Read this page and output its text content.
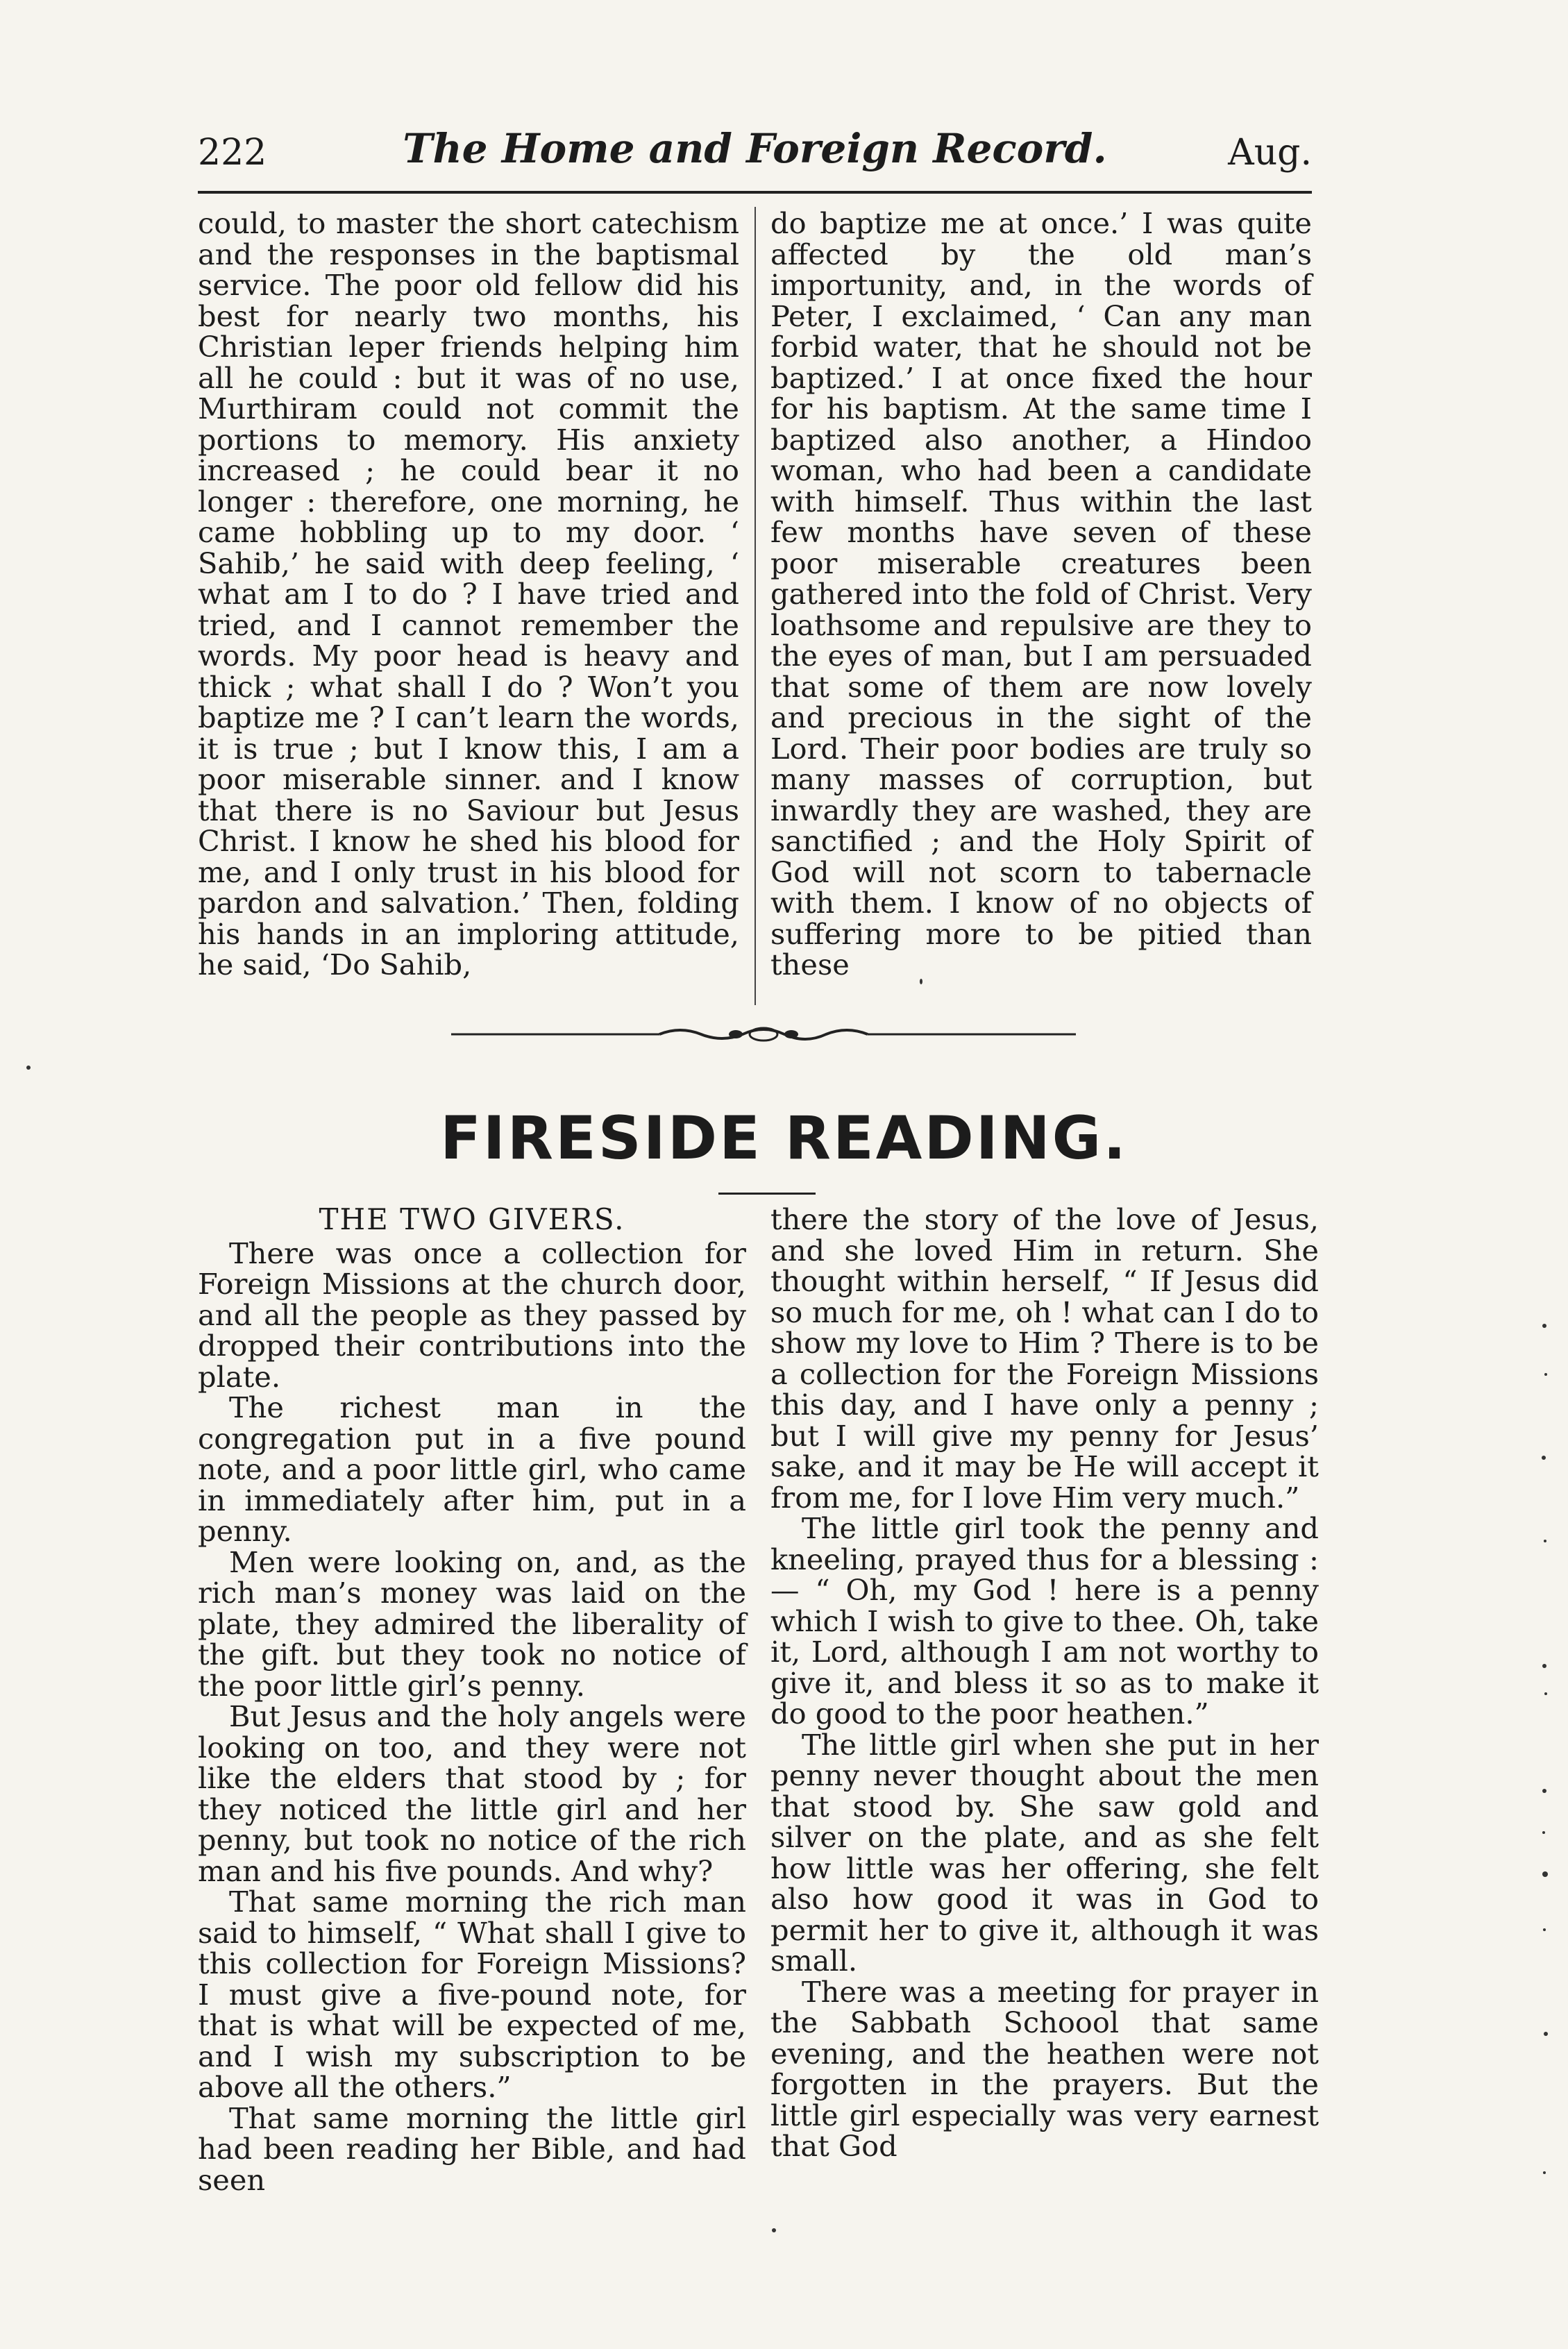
222	The Home and Foreign Record.	Aug.

could, to master the short catechism and the responses in the baptismal service. The poor old fellow did his best for nearly two months, his Christian leper friends helping him all he could : but it was of no use, Murthiram could not commit the portions to memory. His anxiety increased ; he could bear it no longer : therefore, one morning, he came hobbling up to my door. ‘ Sahib,’ he said with deep feeling, ‘ what am I to do ? I have tried and tried, and I cannot remember the words. My poor head is heavy and thick ; what shall I do ? Won’t you baptize me ? I can’t learn the words, it is true ; but I know this, I am a poor miserable sinner. and I know that there is no Saviour but Jesus Christ. I know he shed his blood for me, and I only trust in his blood for pardon and salvation.’ Then, folding his hands in an imploring attitude, he said, ‘Do Sahib,

do baptize me at once.’ I was quite affected by the old man’s importunity, and, in the words of Peter, I exclaimed, ‘ Can any man forbid water, that he should not be baptized.’ I at once fixed the hour for his baptism. At the same time I baptized also another, a Hindoo woman, who had been a candidate with himself. Thus within the last few months have seven of these poor miserable creatures been gathered into the fold of Christ. Very loathsome and repulsive are they to the eyes of man, but I am persuaded that some of them are now lovely and precious in the sight of the Lord. Their poor bodies are truly so many masses of corruption, but inwardly they are washed, they are sanctified ; and the Holy Spirit of God will not scorn to tabernacle with them. I know of no objects of suffering more to be pitied than these

FIRESIDE READING.
THE TWO GIVERS.

There was once a collection for Foreign Missions at the church door, and all the people as they passed by dropped their contributions into the plate.

The richest man in the congregation put in a five pound note, and a poor little girl, who came in immediately after him, put in a penny.

Men were looking on, and, as the rich man’s money was laid on the plate, they admired the liberality of the gift. but they took no notice of the poor little girl’s penny.

But Jesus and the holy angels were looking on too, and they were not like the elders that stood by ; for they noticed the little girl and her penny, but took no notice of the rich man and his five pounds. And why?

That same morning the rich man said to himself, “ What shall I give to this collection for Foreign Missions? I must give a five-pound note, for that is what will be expected of me, and I wish my subscription to be above all the others.”

That same morning the little girl had been reading her Bible, and had seen

there the story of the love of Jesus, and she loved Him in return. She thought within herself, “ If Jesus did so much for me, oh ! what can I do to show my love to Him ? There is to be a collection for the Foreign Missions this day, and I have only a penny ; but I will give my penny for Jesus’ sake, and it may be He will accept it from me, for I love Him very much.”

The little girl took the penny and kneeling, prayed thus for a blessing :— “ Oh, my God ! here is a penny which I wish to give to thee. Oh, take it, Lord, although I am not worthy to give it, and bless it so as to make it do good to the poor heathen.”

The little girl when she put in her penny never thought about the men that stood by. She saw gold and silver on the plate, and as she felt how little was her offering, she felt also how good it was in God to permit her to give it, although it was small.

There was a meeting for prayer in the Sabbath Schoool that same evening, and the heathen were not forgotten in the prayers. But the little girl especially was very earnest that God
